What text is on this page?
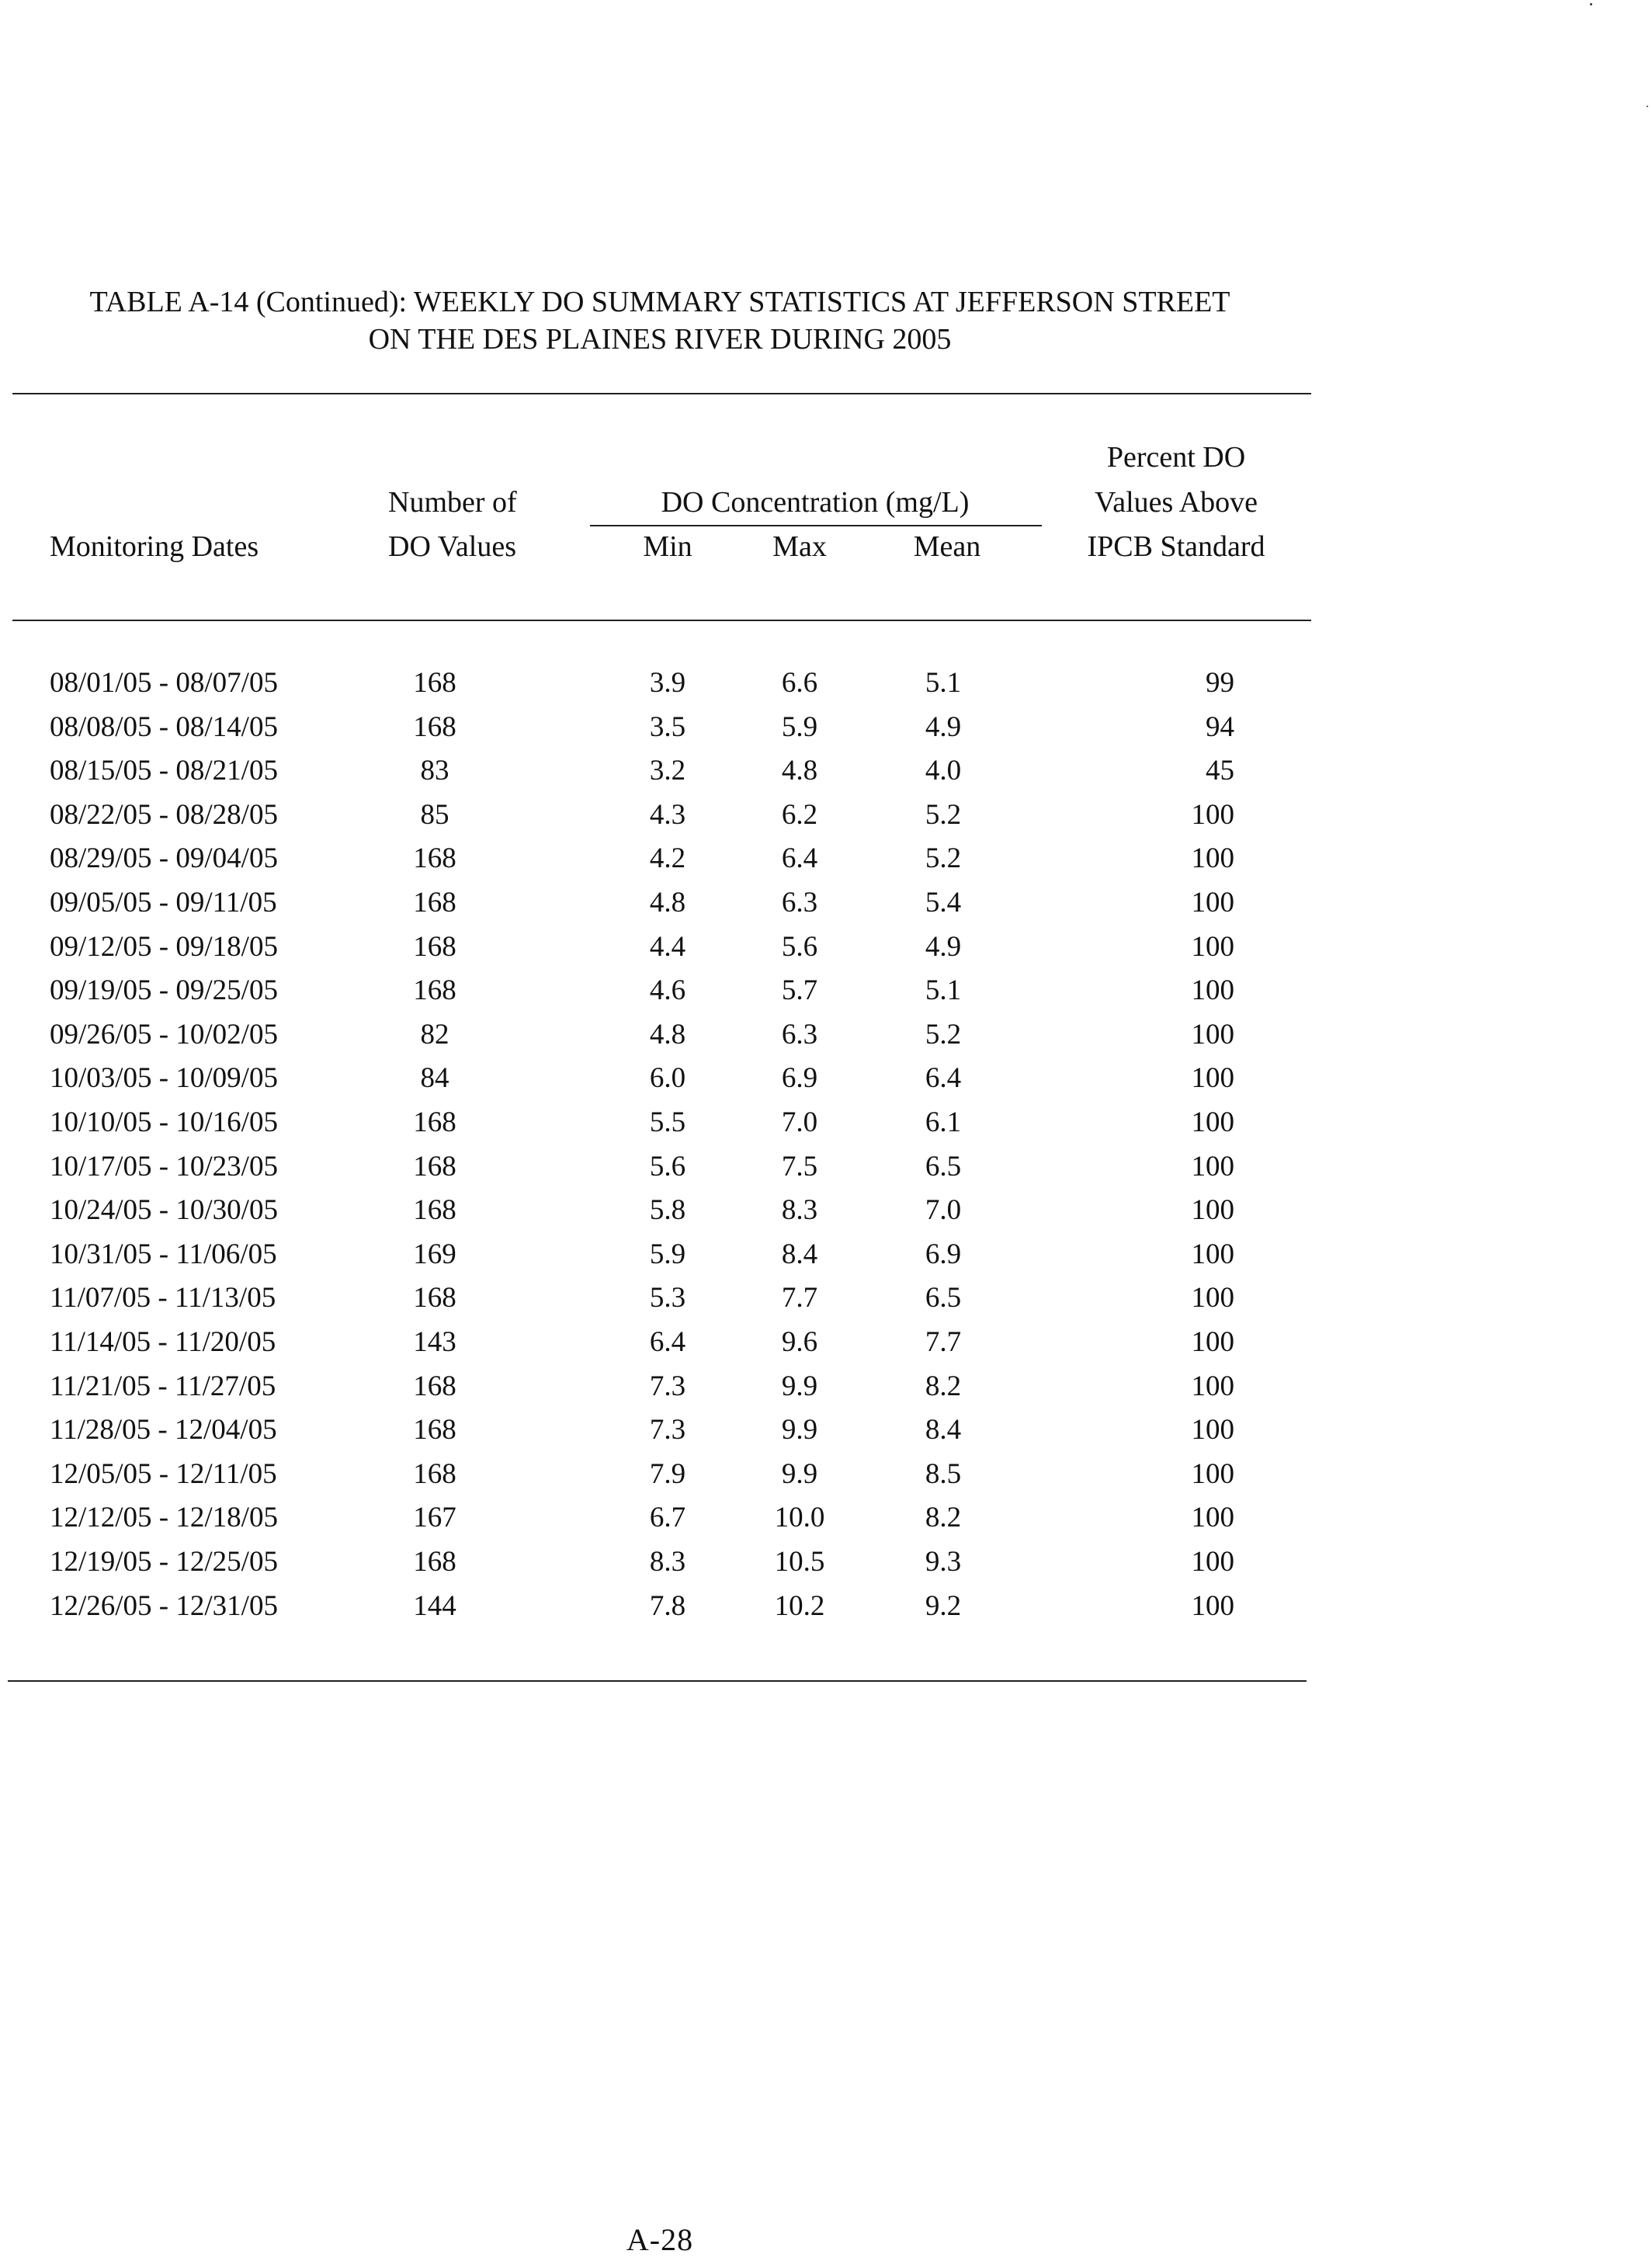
TABLE A-14 (Continued): WEEKLY DO SUMMARY STATISTICS AT JEFFERSON STREET
ON THE DES PLAINES RIVER DURING 2005
Monitoring Dates
Number of
DO Values
DO Concentration (mg/L)
Min	Max	Mean
Percent DO
Values Above
IPCB Standard
08/01/05 - 08/07/05	168	3.9	6.6	5.1	99
08/08/05 - 08/14/05	168	3.5	5.9	4.9	94
08/15/05 - 08/21/05	83	3.2	4.8	4.0	45
08/22/05 - 08/28/05	85	4.3	6.2	5.2	100
08/29/05 - 09/04/05	168	4.2	6.4	5.2	100
09/05/05 - 09/11/05	168	4.8	6.3	5.4	100
09/12/05 - 09/18/05	168	4.4	5.6	4.9	100
09/19/05 - 09/25/05	168	4.6	5.7	5.1	100
09/26/05 - 10/02/05	82	4.8	6.3	5.2	100
10/03/05 - 10/09/05	84	6.0	6.9	6.4	100
10/10/05 - 10/16/05	168	5.5	7.0	6.1	100
10/17/05 - 10/23/05	168	5.6	7.5	6.5	100
10/24/05 - 10/30/05	168	5.8	8.3	7.0	100
10/31/05 - 11/06/05	169	5.9	8.4	6.9	100
11/07/05 - 11/13/05	168	5.3	7.7	6.5	100
11/14/05 - 11/20/05	143	6.4	9.6	7.7	100
11/21/05 - 11/27/05	168	7.3	9.9	8.2	100
11/28/05 - 12/04/05	168	7.3	9.9	8.4	100
12/05/05 - 12/11/05	168	7.9	9.9	8.5	100
12/12/05 - 12/18/05	167	6.7	10.0	8.2	100
12/19/05 - 12/25/05	168	8.3	10.5	9.3	100
12/26/05 - 12/31/05	144	7.8	10.2	9.2	100
A-28
